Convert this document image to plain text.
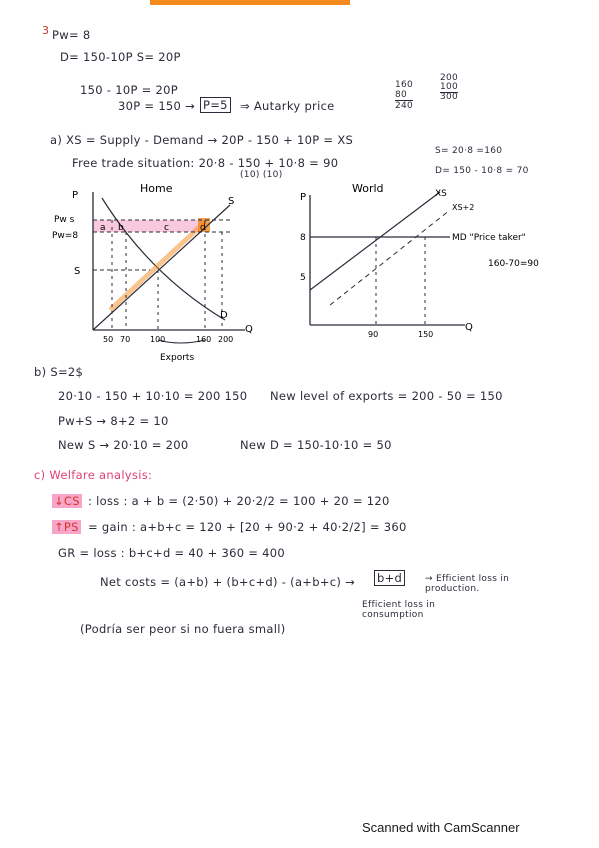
3 Pw= 8
D= 150-10P S= 20P
150 - 10P = 20P
30P = 150 → P=5 ⇒ Autarky price
160
80
240
200
100
300
a) XS = Supply - Demand → 20P - 150 + 10P = XS
Free trade situation: 20·8 - 150 + 10·8 = 90
(10) (10)
S= 20·8 =160
D= 150 - 10·8 = 70
P
Q
Home
Pw s
Pw=8
S
S
D
a b	c	d
50 70 100	160 200
Exports
P
Q
World	XS
XS+2
MD "Price taker"
8
5
90	150
160-70=90
b) S=2$
20·10 - 150 + 10·10 = 200 150 New level of exports = 200 - 50 = 150
Pw+S → 8+2 = 10
New S → 20·10 = 200	New D = 150-10·10 = 50
c) Welfare analysis:
↓CS : loss : a + b = (2·50) + 20·2/2 = 100 + 20 = 120
↑PS = gain : a+b+c = 120 + [20 + 90·2 + 40·2/2] = 360
GR = loss : b+c+d = 40 + 360 = 400
Net costs = (a+b) + (b+c+d) - (a+b+c) → b+d	→ Efficient loss in production.
Efficient loss in consumption
(Podría ser peor si no fuera small)
Scanned with CamScanner
